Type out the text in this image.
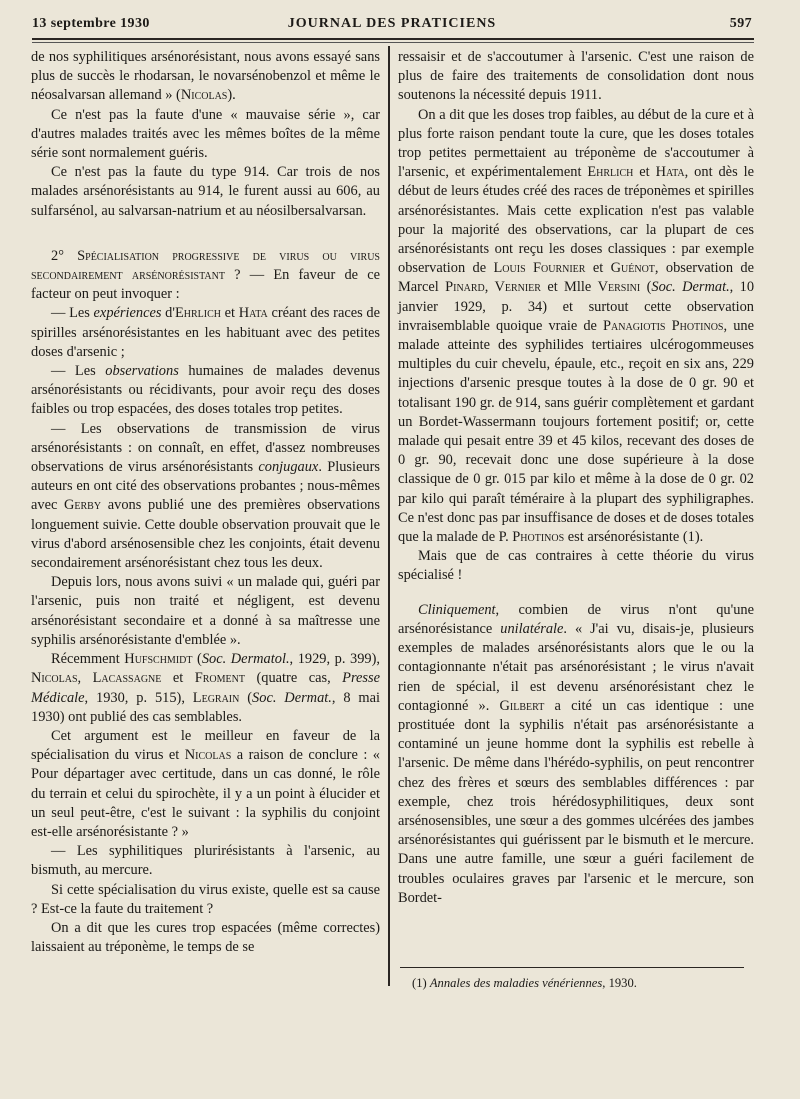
13 septembre 1930	JOURNAL DES PRATICIENS	597

de nos syphilitiques arsénorésistant, nous avons essayé sans plus de succès le rhodarsan, le novarsénobenzol et même le néosalvarsan allemand » (Nicolas).

Ce n'est pas la faute d'une « mauvaise série », car d'autres malades traités avec les mêmes boîtes de la même série sont normalement guéris.

Ce n'est pas la faute du type 914. Car trois de nos malades arsénorésistants au 914, le furent aussi au 606, au sulfarsénol, au salvarsan-natrium et au néosilbersalvarsan.

2° Spécialisation progressive de virus ou virus secondairement arsénorésistant ? — En faveur de ce facteur on peut invoquer :

— Les expériences d'Ehrlich et Hata créant des races de spirilles arsénorésistantes en les habituant avec des petites doses d'arsenic ;

— Les observations humaines de malades devenus arsénorésistants ou récidivants, pour avoir reçu des doses faibles ou trop espacées, des doses totales trop petites.

— Les observations de transmission de virus arsénorésistants : on connaît, en effet, d'assez nombreuses observations de virus arsénorésistants conjugaux. Plusieurs auteurs en ont cité des observations probantes ; nous-mêmes avec Gerby avons publié une des premières observations longuement suivie. Cette double observation prouvait que le virus d'abord arsénosensible chez les conjoints, était devenu secondairement arsénorésistant chez tous les deux.

Depuis lors, nous avons suivi « un malade qui, guéri par l'arsenic, puis non traité et négligent, est devenu arsénorésistant secondaire et a donné à sa maîtresse une syphilis arsénorésistante d'emblée ».

Récemment Hufschmidt (Soc. Dermatol., 1929, p. 399), Nicolas, Lacassagne et Froment (quatre cas, Presse Médicale, 1930, p. 515), Legrain (Soc. Dermat., 8 mai 1930) ont publié des cas semblables.

Cet argument est le meilleur en faveur de la spécialisation du virus et Nicolas a raison de conclure : « Pour départager avec certitude, dans un cas donné, le rôle du terrain et celui du spirochète, il y a un point à élucider et un seul peut-être, c'est le suivant : la syphilis du conjoint est-elle arsénorésistante ? »

— Les syphilitiques plurirésistants à l'arsenic, au bismuth, au mercure.

Si cette spécialisation du virus existe, quelle est sa cause ? Est-ce la faute du traitement ?

On a dit que les cures trop espacées (même correctes) laissaient au tréponème, le temps de se

ressaisir et de s'accoutumer à l'arsenic. C'est une raison de plus de faire des traitements de consolidation dont nous soutenons la nécessité depuis 1911.

On a dit que les doses trop faibles, au début de la cure et à plus forte raison pendant toute la cure, que les doses totales trop petites permettaient au tréponème de s'accoutumer à l'arsenic, et expérimentalement Ehrlich et Hata, ont dès le début de leurs études créé des races de tréponèmes et spirilles arsénorésistantes. Mais cette explication n'est pas valable pour la majorité des observations, car la plupart de ces arsénorésistants ont reçu les doses classiques : par exemple observation de Louis Fournier et Guénot, observation de Marcel Pinard, Vernier et Mlle Versini (Soc. Dermat., 10 janvier 1929, p. 34) et surtout cette observation invraisemblable quoique vraie de Panagiotis Photinos, une malade atteinte des syphilides tertiaires ulcérogommeuses multiples du cuir chevelu, épaule, etc., reçoit en six ans, 229 injections d'arsenic presque toutes à la dose de 0 gr. 90 et totalisant 190 gr. de 914, sans guérir complètement et gardant un Bordet-Wassermann toujours fortement positif; or, cette malade qui pesait entre 39 et 45 kilos, recevant des doses de 0 gr. 90, recevait donc une dose supérieure à la dose classique de 0 gr. 015 par kilo et même à la dose de 0 gr. 02 par kilo qui paraît téméraire à la plupart des syphiligraphes. Ce n'est donc pas par insuffisance de doses et de doses totales que la malade de P. Photinos est arsénorésistante (1).

Mais que de cas contraires à cette théorie du virus spécialisé !

Cliniquement, combien de virus n'ont qu'une arsénorésistance unilatérale. « J'ai vu, disais-je, plusieurs exemples de malades arsénorésistants alors que le ou la contagionnante n'était pas arsénorésistant ; le virus n'avait rien de spécial, il est devenu arsénorésistant chez le contagionné ». Gilbert a cité un cas identique : une prostituée dont la syphilis n'était pas arsénorésistante a contaminé un jeune homme dont la syphilis est rebelle à l'arsenic. De même dans l'hérédo-syphilis, on peut rencontrer chez des frères et sœurs des semblables différences : par exemple, chez trois hérédosyphilitiques, deux sont arsénosensibles, une sœur a des gommes ulcérées des jambes arsénorésistantes qui guérissent par le bismuth et le mercure. Dans une autre famille, une sœur a guéri facilement de troubles oculaires graves par l'arsenic et le mercure, son Bordet-

(1) Annales des maladies vénériennes, 1930.
